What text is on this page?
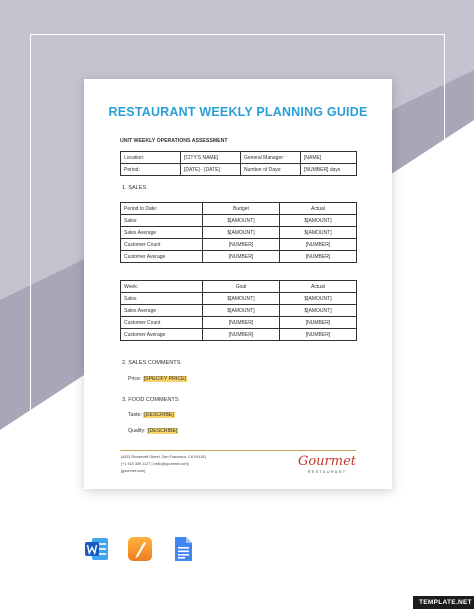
RESTAURANT WEEKLY PLANNING GUIDE
UNIT WEEKLY OPERATIONS ASSESSMENT
Location:	[CITY'S NAME]	General Manager:	[NAME]
Period:	[DATE] - [DATE]	Number of Days:	[NUMBER] days
1. SALES
Period to Date:	Budget	Actual
Sales	$[AMOUNT]	$[AMOUNT]
Sales Average	$[AMOUNT]	$[AMOUNT]
Customer Count	[NUMBER]	[NUMBER]
Customer Average	[NUMBER]	[NUMBER]
Week:	Goal	Actual
Sales	$[AMOUNT]	$[AMOUNT]
Sales Average	$[AMOUNT]	$[AMOUNT]
Customer Count	[NUMBER]	[NUMBER]
Customer Average	[NUMBER]	[NUMBER]
2. SALES COMMENTS
Price: [SPECIFY PRICE]
3. FOOD COMMENTS
Taste: [DESCRIBE]
Quality: [DESCRIBE]
[4432 Roosevelt Street, San Francisco, CA 94118]
[+1 415 359 1127 | hello@gourmet.com]
[gourmet.com]
Gourmet
RESTAURANT
TEMPLATE.NET
